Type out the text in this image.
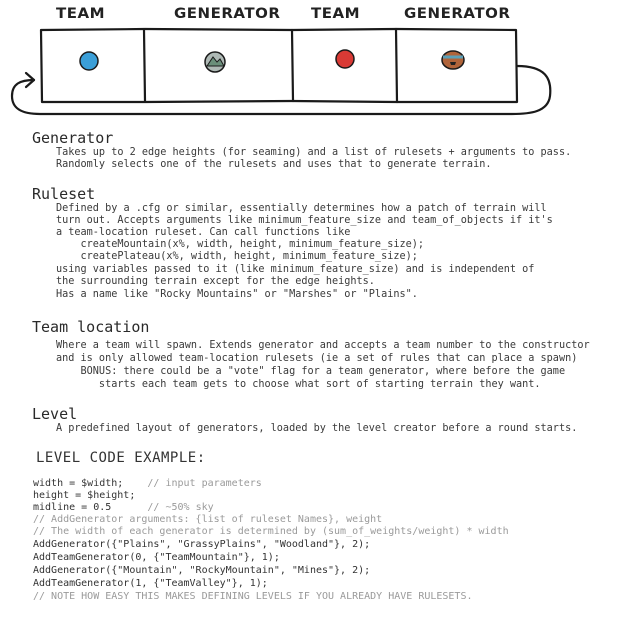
TEAM	GENERATOR TEAM	GENERATOR
Generator
Takes up to 2 edge heights (for seaming) and a list of rulesets + arguments to pass.
Randomly selects one of the rulesets and uses that to generate terrain.
Ruleset
Defined by a .cfg or similar, essentially determines how a patch of terrain will
turn out. Accepts arguments like minimum_feature_size and team_of_objects if it's
a team-location ruleset. Can call functions like
createMountain(x%, width, height, minimum_feature_size);
createPlateau(x%, width, height, minimum_feature_size);
using variables passed to it (like minimum_feature_size) and is independent of
the surrounding terrain except for the edge heights.
Has a name like "Rocky Mountains" or "Marshes" or "Plains".
Team location
Where a team will spawn. Extends generator and accepts a team number to the constructor
and is only allowed team-location rulesets (ie a set of rules that can place a spawn)
BONUS: there could be a "vote" flag for a team generator, where before the game
starts each team gets to choose what sort of starting terrain they want.
Level
A predefined layout of generators, loaded by the level creator before a round starts.
LEVEL CODE EXAMPLE:
width = $width;    // input parameters
height = $height;
midline = 0.5      // ~50% sky
// AddGenerator arguments: {list of ruleset Names}, weight
// The width of each generator is determined by (sum_of_weights/weight) * width
AddGenerator({"Plains", "GrassyPlains", "Woodland"}, 2);
AddTeamGenerator(0, {"TeamMountain"}, 1);
AddGenerator({"Mountain", "RockyMountain", "Mines"}, 2);
AddTeamGenerator(1, {"TeamValley"}, 1);
// NOTE HOW EASY THIS MAKES DEFINING LEVELS IF YOU ALREADY HAVE RULESETS.
